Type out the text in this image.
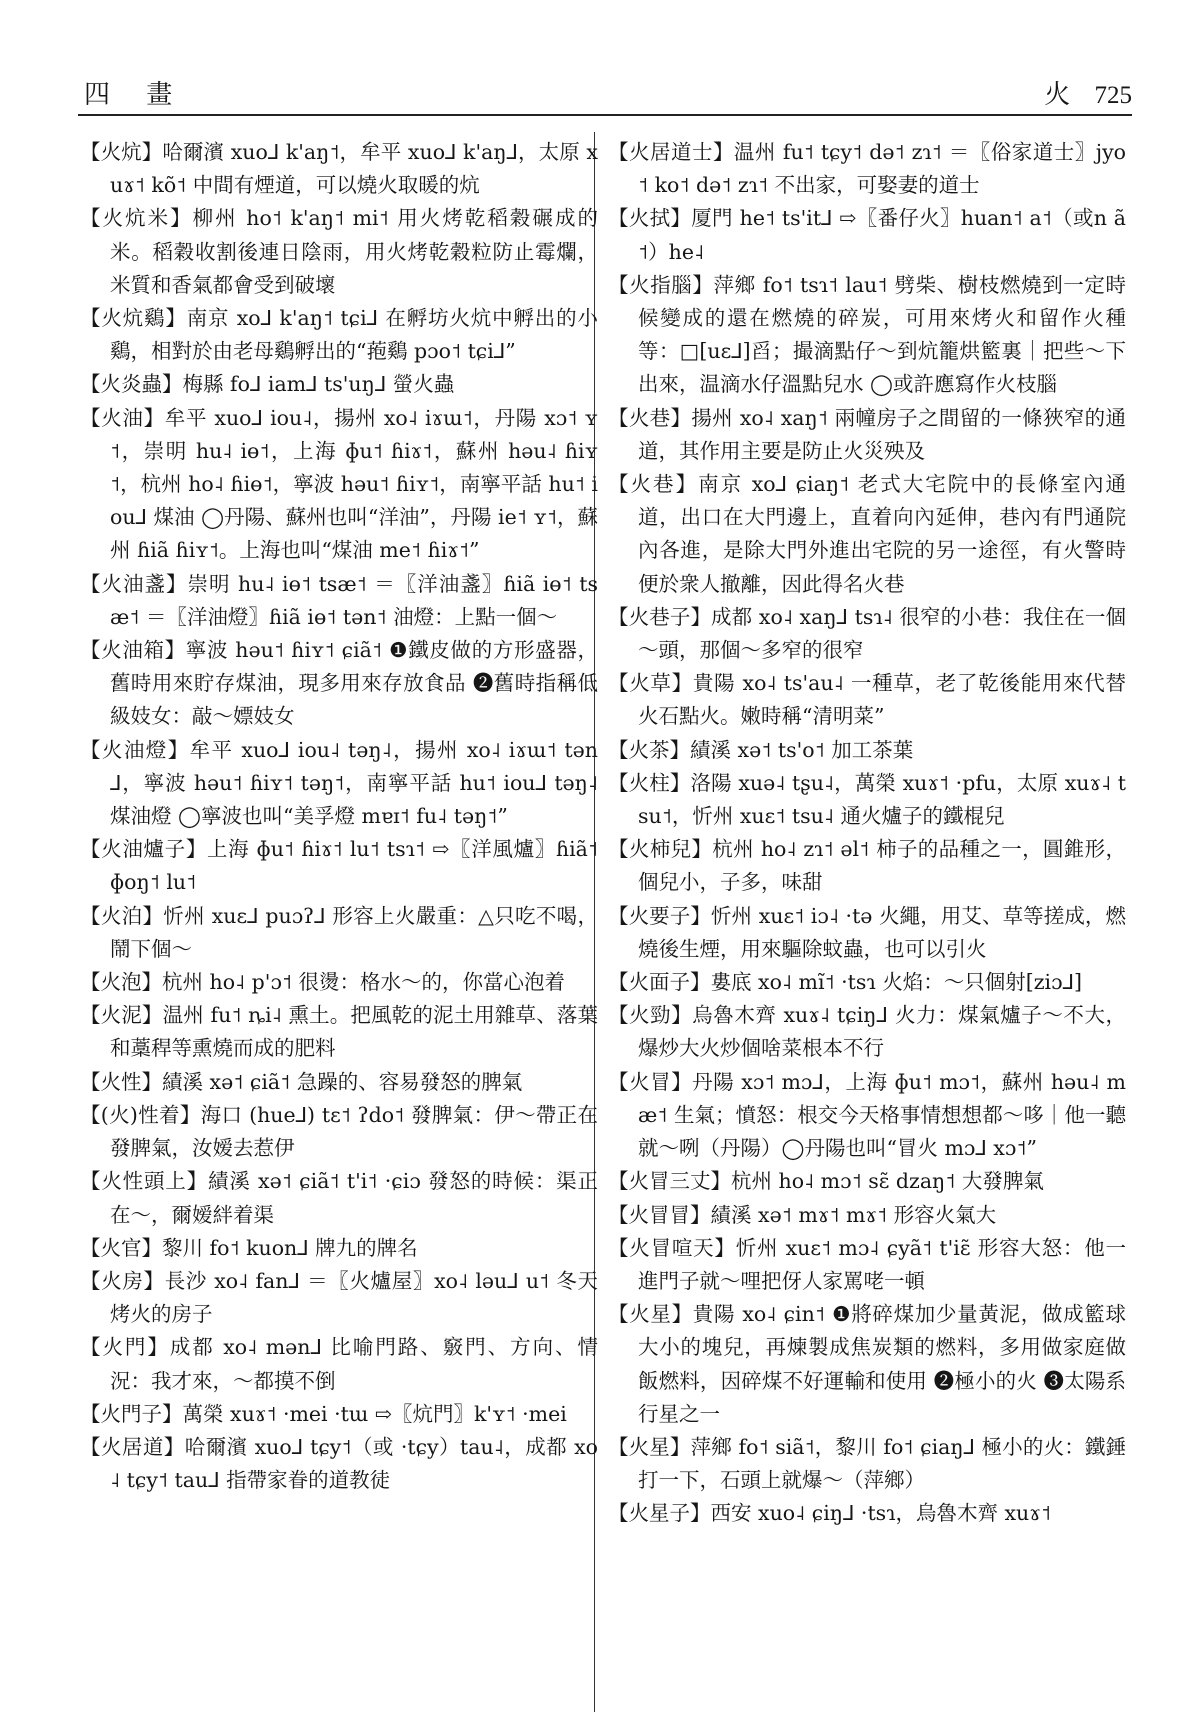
四 畫	火 725
【火炕】哈爾濱 xuo⅃ k'aŋ˦，牟平 xuo⅃ k'aŋ⅃，太原 xuɤ˦ kõ˦ 中間有煙道，可以燒火取暖的炕
【火炕米】柳州 ho˦ k'aŋ˦ mi˦ 用火烤乾稻穀碾成的米。稻穀收割後連日陰雨，用火烤乾穀粒防止霉爛，米質和香氣都會受到破壞
【火炕鷄】南京 xo⅃ k'aŋ˦ tɕi⅃ 在孵坊火炕中孵出的小鷄，相對於由老母鷄孵出的“菢鷄 pɔo˦ tɕi⅃”
【火炎蟲】梅縣 fo⅃ iam⅃ ts'uŋ⅃ 螢火蟲
【火油】牟平 xuo⅃ iou˨，揚州 xo˨ iɤɯ˦，丹陽 xɔ˦ ʏ˦，崇明 hu˨ iɵ˦，上海 ɸu˦ ɦiɤ˦，蘇州 həu˨ ɦiʏ˦，杭州 ho˨ ɦiɵ˦，寧波 həu˦ ɦiʏ˦，南寧平話 hu˦ iou⅃ 煤油 ◯丹陽、蘇州也叫“洋油”，丹陽 ie˦ ʏ˦，蘇州 ɦiã ɦiʏ˦。上海也叫“煤油 me˦ ɦiɤ˦”
【火油盞】崇明 hu˨ iɵ˦ tsæ˦ ＝〖洋油盞〗ɦiã iɵ˦ tsæ˦ ＝〖洋油燈〗ɦiã iɵ˦ tən˦ 油燈：上點一個～
【火油箱】寧波 həu˦ ɦiʏ˦ ɕiã˦ ❶鐵皮做的方形盛器，舊時用來貯存煤油，現多用來存放食品 ❷舊時指稱低級妓女：敲～嫖妓女
【火油燈】牟平 xuo⅃ iou˨ təŋ˨，揚州 xo˨ iɤɯ˦ tən⅃，寧波 həu˦ ɦiʏ˦ təŋ˦，南寧平話 hu˦ iou⅃ təŋ˨ 煤油燈 ◯寧波也叫“美孚燈 mɐɪ˦ fu˨ təŋ˦”
【火油爐子】上海 ɸu˦ ɦiɤ˦ lu˦ tsɿ˦ ⇨〖洋風爐〗ɦiã˦ ɸoŋ˦ lu˦
【火泊】忻州 xuɛ⅃ puɔʔ⅃ 形容上火嚴重：△只吃不喝，鬧下個～
【火泡】杭州 ho˨ p'ɔ˦ 很燙：格水～的，你當心泡着
【火泥】温州 fu˦ ȵi˨ 熏土。把風乾的泥土用雜草、落葉和藁稈等熏燒而成的肥料
【火性】績溪 xə˦ ɕiã˦ 急躁的、容易發怒的脾氣
【(火)性着】海口 (hue⅃) tɛ˦ ʔdo˦ 發脾氣：伊～帶正在發脾氣，汝嫒去惹伊
【火性頭上】績溪 xə˦ ɕiã˦ t'i˦ ·ɕiɔ 發怒的時候：渠正在～，爾嫒絆着渠
【火官】黎川 fo˦ kuon⅃ 牌九的牌名
【火房】長沙 xo˨ fan⅃ ＝〖火爐屋〗xo˨ ləu⅃ u˦ 冬天烤火的房子
【火門】成都 xo˨ mən⅃ 比喻門路、竅門、方向、情況：我才來，～都摸不倒
【火門子】萬榮 xuɤ˦ ·mei ·tɯ ⇨〖炕門〗k'ʏ˦ ·mei
【火居道】哈爾濱 xuo⅃ tɕy˦（或 ·tɕy）tau˨，成都 xo˨ tɕy˦ tau⅃ 指帶家眷的道教徒
【火居道士】温州 fu˦ tɕy˦ də˦ zɿ˦ ＝〖俗家道士〗jyo˦ ko˦ də˦ zɿ˦ 不出家，可娶妻的道士
【火拭】厦門 he˦ ts'it⅃ ⇨〖番仔火〗huan˦ a˦（或n ã˦）he˨
【火指腦】萍鄉 fo˦ tsɿ˦ lau˦ 劈柴、樹枝燃燒到一定時候變成的還在燃燒的碎炭，可用來烤火和留作火種等：□[uɛ⅃]舀；撮滴點仔～到炕籠烘籃裏｜把些～下出來，温滴水仔溫點兒水 ◯或許應寫作火枝腦
【火巷】揚州 xo˨ xaŋ˦ 兩幢房子之間留的一條狹窄的通道，其作用主要是防止火災殃及
【火巷】南京 xo⅃ ɕiaŋ˦ 老式大宅院中的長條室內通道，出口在大門邊上，直着向內延伸，巷內有門通院內各進，是除大門外進出宅院的另一途徑，有火警時便於衆人撤離，因此得名火巷
【火巷子】成都 xo˨ xaŋ⅃ tsɿ˨ 很窄的小巷：我住在一個～頭，那個～多窄的很窄
【火草】貴陽 xo˨ ts'au˨ 一種草，老了乾後能用來代替火石點火。嫩時稱“清明菜”
【火茶】績溪 xə˦ ts'o˦ 加工茶葉
【火柱】洛陽 xuə˨ tʂu˨，萬榮 xuɤ˦ ·pfu，太原 xuɤ˨ tsu˦，忻州 xuɛ˦ tsu˨ 通火爐子的鐵棍兒
【火柿兒】杭州 ho˨ zɿ˦ əl˦ 柿子的品種之一，圓錐形，個兒小，子多，味甜
【火要子】忻州 xuɛ˦ iɔ˨ ·tə 火繩，用艾、草等搓成，燃燒後生煙，用來驅除蚊蟲，也可以引火
【火面子】婁底 xo˨ mĩ˦ ·tsɿ 火焰：～只個射[ziɔ⅃]
【火勁】烏魯木齊 xuɤ˨ tɕiŋ⅃ 火力：煤氣爐子～不大，爆炒大火炒個啥菜根本不行
【火冒】丹陽 xɔ˦ mɔ⅃，上海 ɸu˦ mɔ˦，蘇州 həu˨ mæ˦ 生氣；憤怒：根交今天格事情想想都～哆｜他一聽就～咧（丹陽）◯丹陽也叫“冒火 mɔ⅃ xɔ˦”
【火冒三丈】杭州 ho˨ mɔ˦ sɛ̃ dzaŋ˦ 大發脾氣
【火冒冒】績溪 xə˦ mɤ˦ mɤ˦ 形容火氣大
【火冒喧天】忻州 xuɛ˦ mɔ˨ ɕyã˦ t'iɛ̃ 形容大怒：他一進門子就～哩把伢人家罵咾一頓
【火星】貴陽 xo˨ ɕin˦ ❶將碎煤加少量黃泥，做成籃球大小的塊兒，再煉製成焦炭類的燃料，多用做家庭做飯燃料，因碎煤不好運輸和使用 ❷極小的火 ❸太陽系行星之一
【火星】萍鄉 fo˦ siã˦，黎川 fo˦ ɕiaŋ⅃ 極小的火：鐵錘打一下，石頭上就爆～（萍鄉）
【火星子】西安 xuo˨ ɕiŋ⅃ ·tsɿ，烏魯木齊 xuɤ˦
